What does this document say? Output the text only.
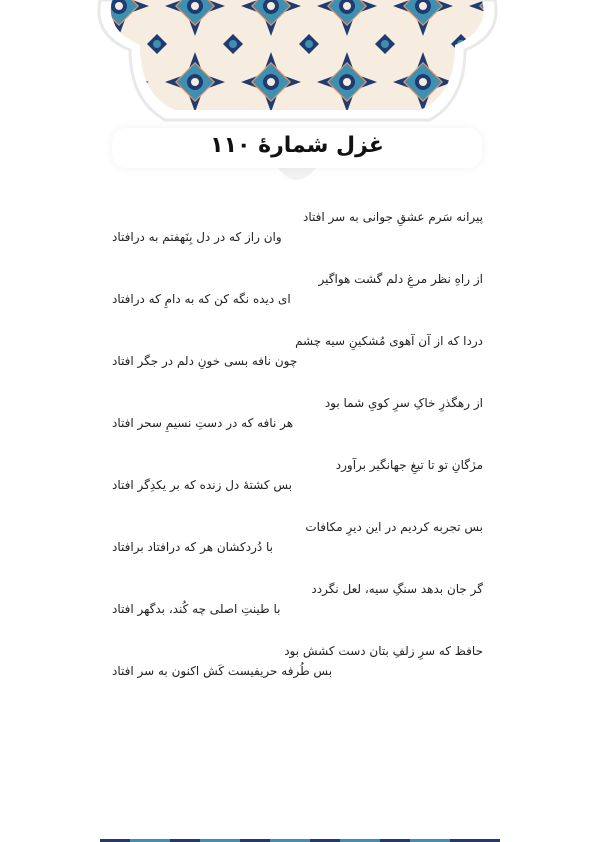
غزل شمارهٔ ۱۱۰
پیرانه سَرم عشقِ جوانی به سر افتاد
وان راز که در دل بِنَهفتم به درافتاد
از راهِ نظر مرغِ دلم گشت هواگیر
ای دیده نگه کن که به دامِ که درافتاد
دردا که از آن آهوی مُشکینِ سیه چشم
چون نافه بسی خونِ دلم در جگر افتاد
از رهگذرِ خاکِ سرِ کویِ شما بود
هر نافه که در دستِ نسیمِ سحر افتاد
مژگانِ تو تا تیغِ جهانگیر برآورد
بس کشتهٔ دل زنده که بر یکدِگر افتاد
بس تجربه کردیم در این دیرِ مکافات
با دُردکشان هر که درافتاد برافتاد
گر جان بدهد سنگِ سیه، لعل نگردد
با طینتِ اصلی چه کُند، بدگهر افتاد
حافظ که سرِ زلفِ بتان دست کشش بود
بس طُرفه حریفیست کَش اکنون به سر افتاد
